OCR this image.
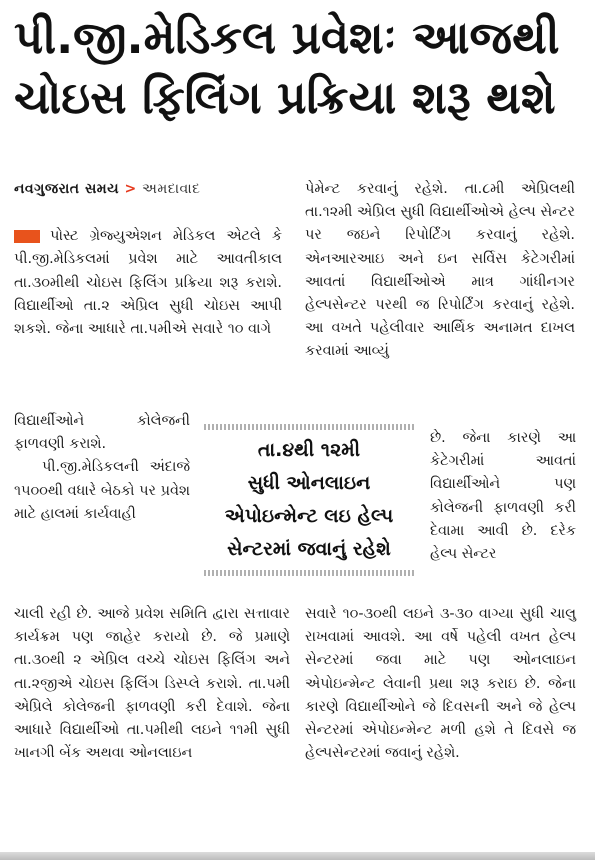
પી.જી.મેડિકલ પ્રવેશઃ આજથી
ચોઇસ ફિલિંગ પ્રક્રિયા શરૂ થશે

નવગુજરાત સમય > અમદાવાદ

પોસ્ટ ગ્રેજ્યુએશન મેડિકલ એટલે કે પી.જી.મેડિકલમાં પ્રવેશ માટે આવતીકાલ તા.૩૦મીથી ચોઇસ ફિલિંગ પ્રક્રિયા શરૂ કરાશે. વિદ્યાર્થીઓ તા.૨ એપ્રિલ સુધી ચોઇસ આપી શકશે. જેના આધારે તા.૫મીએ સવારે ૧૦ વાગે

વિદ્યાર્થીઓને કોલેજની ફાળવણી કરાશે.

પી.જી.મેડિકલની અંદાજે ૧૫૦૦થી વધારે બેઠકો પર પ્રવેશ માટે હાલમાં કાર્યવાહી

ચાલી રહી છે. આજે પ્રવેશ સમિતિ દ્વારા સત્તાવાર કાર્યક્રમ પણ જાહેર કરાયો છે. જે પ્રમાણે તા.૩૦થી ૨ એપ્રિલ વચ્ચે ચોઇસ ફિલિંગ અને તા.૨જીએ ચોઇસ ફિલિંગ ડિસ્પ્લે કરાશે. તા.૫મી એપ્રિલે કોલેજની ફાળવણી કરી દેવાશે. જેના આધારે વિદ્યાર્થીઓ તા.૫મીથી લઇને ૧૧મી સુધી ખાનગી બેંક અથવા ઓનલાઇન

પેમેન્ટ કરવાનું રહેશે. તા.૮મી એપ્રિલથી તા.૧૨મી એપ્રિલ સુધી વિદ્યાર્થીઓએ હેલ્પ સેન્ટર પર જઇને રિપોર્ટિંગ કરવાનું રહેશે. એનઆરઆઇ અને ઇન સર્વિસ કેટેગરીમાં આવતાં વિદ્યાર્થીઓએ માત્ર ગાંધીનગર હેલ્પસેન્ટર પરથી જ રિપોર્ટિંગ કરવાનું રહેશે. આ વખતે પહેલીવાર આર્થિક અનામત દાખલ કરવામાં આવ્યું

છે. જેના કારણે આ કેટેગરીમાં આવતાં વિદ્યાર્થીઓને પણ કોલેજની ફાળવણી કરી દેવામા આવી છે. દરેક હેલ્પ સેન્ટર

સવારે ૧૦-૩૦થી લઇને ૩-૩૦ વાગ્યા સુધી ચાલુ રાખવામાં આવશે. આ વર્ષે પહેલી વખત હેલ્પ સેન્ટરમાં જવા માટે પણ ઓનલાઇન એપોઇન્મેન્ટ લેવાની પ્રથા શરૂ કરાઇ છે. જેના કારણે વિદ્યાર્થીઓને જે દિવસની અને જે હેલ્પ સેન્ટરમાં એપોઇન્મેન્ટ મળી હશે તે દિવસે જ હેલ્પસેન્ટરમાં જવાનું રહેશે.

તા.૪થી ૧૨મી
સુધી ઓનલાઇન
એપોઇન્મેન્ટ લઇ હેલ્પ
સેન્ટરમાં જવાનું રહેશે
